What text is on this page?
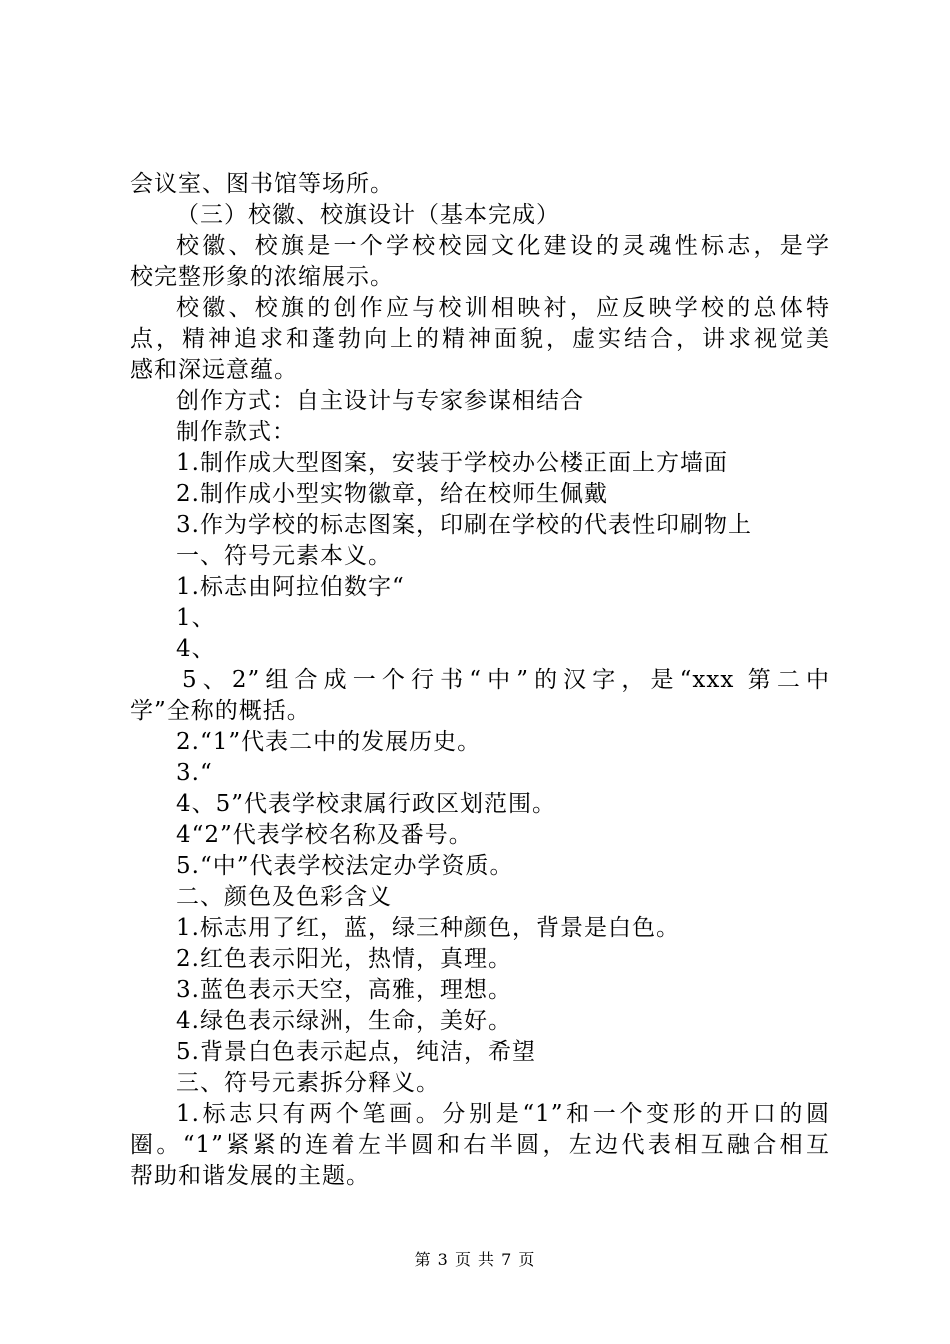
会议室、图书馆等场所。
（三）校徽、校旗设计（基本完成）
校徽、校旗是一个学校校园文化建设的灵魂性标志，是学
校完整形象的浓缩展示。
校徽、校旗的创作应与校训相映衬，应反映学校的总体特
点，精神追求和蓬勃向上的精神面貌，虚实结合，讲求视觉美
感和深远意蕴。
创作方式：自主设计与专家参谋相结合
制作款式：
1.制作成大型图案，安装于学校办公楼正面上方墙面
2.制作成小型实物徽章，给在校师生佩戴
3.作为学校的标志图案，印刷在学校的代表性印刷物上
一、符号元素本义。
1.标志由阿拉伯数字“
1、
4、
5、2”组合成一个行书“中”的汉字，是“xxx 第二中
学”全称的概括。
2.“1”代表二中的发展历史。
3.“
4、5”代表学校隶属行政区划范围。
4“2”代表学校名称及番号。
5.“中”代表学校法定办学资质。
二、颜色及色彩含义
1.标志用了红，蓝，绿三种颜色，背景是白色。
2.红色表示阳光，热情，真理。
3.蓝色表示天空，高雅，理想。
4.绿色表示绿洲，生命，美好。
5.背景白色表示起点，纯洁，希望
三、符号元素拆分释义。
1.标志只有两个笔画。分别是“1”和一个变形的开口的圆
圈。“1”紧紧的连着左半圆和右半圆，左边代表相互融合相互
帮助和谐发展的主题。
第 3 页 共 7 页
